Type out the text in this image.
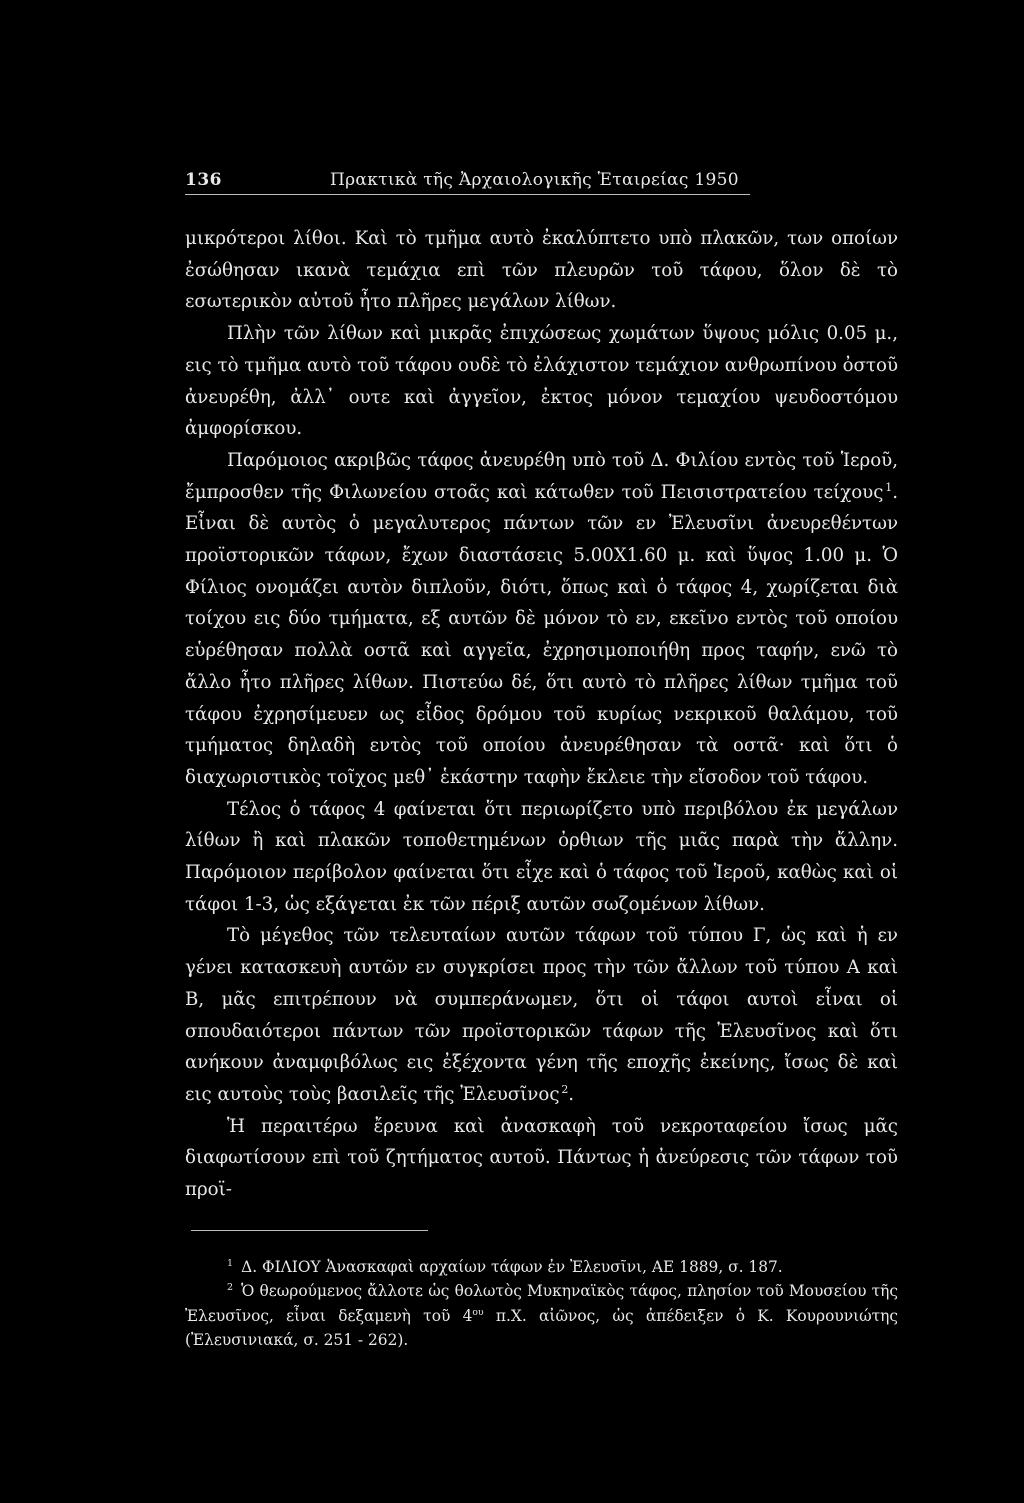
136	Πρακτικὰ τῆς Ἀρχαιολογικῆς Ἑταιρείας 1950

μικρότεροι λίθοι. Καὶ τὸ τμῆμα αυτὸ ἐκαλύπτετο υπὸ πλακῶν, των οποίων ἐσώθησαν ικανὰ τεμάχια επὶ τῶν πλευρῶν τοῦ τάφου, ὅλον δὲ τὸ εσωτερικὸν αὐτοῦ ἦτο πλῆρες μεγάλων λίθων.

Πλὴν τῶν λίθων καὶ μικρᾶς ἐπιχώσεως χωμάτων ὕψους μόλις 0.05 μ., εις τὸ τμῆμα αυτὸ τοῦ τάφου ουδὲ τὸ ἐλάχιστον τεμάχιον ανθρωπίνου ὀστοῦ ἀνευρέθη, ἀλλ᾽ ουτε καὶ ἀγγεῖον, ἐκτος μόνον τεμαχίου ψευδοστόμου ἀμφορίσκου.

Παρόμοιος ακριβῶς τάφος ἀνευρέθη υπὸ τοῦ Δ. Φιλίου εντὸς τοῦ Ἱεροῦ, ἔμπροσθεν τῆς Φιλωνείου στοᾶς καὶ κάτωθεν τοῦ Πεισιστρατείου τείχους  $^1$. Εἶναι δὲ αυτὸς ὁ μεγαλυτερος πάντων τῶν εν Ἐλευσῖνι ἀνευρεθέντων προϊστορικῶν τάφων, ἔχων διαστάσεις 5.00Χ1.60 μ. καὶ ὕψος 1.00 μ. Ὁ Φίλιος ονομάζει αυτὸν διπλοῦν, διότι, ὅπως καὶ ὁ τάφος 4, χωρίζεται διὰ τοίχου εις δύο τμήματα, εξ αυτῶν δὲ μόνον τὸ εν, εκεῖνο εντὸς τοῦ οποίου εὑρέθησαν πολλὰ οστᾶ καὶ αγγεῖα, ἐχρησιμοποιήθη προς ταφήν, ενῶ τὸ ἄλλο ἦτο πλῆρες λίθων. Πιστεύω δέ, ὅτι αυτὸ τὸ πλῆρες λίθων τμῆμα τοῦ τάφου ἐχρησίμευεν ως εἶδος δρόμου τοῦ κυρίως νεκρικοῦ θαλάμου, τοῦ τμήματος δηλαδὴ εντὸς τοῦ οποίου ἀνευρέθησαν τὰ οστᾶ· καὶ ὅτι ὁ διαχωριστικὸς τοῖχος μεθ᾽ ἑκάστην ταφὴν ἔκλειε τὴν εἴσοδον τοῦ τάφου.

Τέλος ὁ τάφος 4 φαίνεται ὅτι περιωρίζετο υπὸ περιβόλου ἐκ μεγάλων λίθων ἢ καὶ πλακῶν τοποθετημένων ὀρθιων τῆς μιᾶς παρὰ τὴν ἄλλην. Παρόμοιον περίβολον φαίνεται ὅτι εἶχε καὶ ὁ τάφος τοῦ Ἱεροῦ, καθὼς καὶ οἱ τάφοι 1-3, ὡς εξάγεται ἐκ τῶν πέριξ αυτῶν σωζομένων λίθων.

Τὸ μέγεθος τῶν τελευταίων αυτῶν τάφων τοῦ τύπου Γ, ὡς καὶ ἡ εν γένει κατασκευὴ αυτῶν εν συγκρίσει προς τὴν τῶν ἄλλων τοῦ τύπου Α καὶ Β, μᾶς επιτρέπουν νὰ συμπεράνωμεν, ὅτι οἱ τάφοι αυτοὶ εἶναι οἱ σπουδαιότεροι πάντων τῶν προϊστορικῶν τάφων τῆς Ἐλευσῖνος καὶ ὅτι ανήκουν ἀναμφιβόλως εις ἐξέχοντα γένη τῆς εποχῆς ἐκείνης, ἴσως δὲ καὶ εις αυτοὺς τοὺς βασιλεῖς τῆς Ἐλευσῖνος  $^2$.

Ἡ περαιτέρω ἔρευνα καὶ ἀνασκαφὴ τοῦ νεκροταφείου ἴσως μᾶς διαφωτίσουν επὶ τοῦ ζητήματος αυτοῦ. Πάντως ἡ ἀνεύρεσις τῶν τάφων τοῦ προϊ-

$^1$ Δ. ΦΙΛΙΟΥ Ἀνασκαφαὶ αρχαίων τάφων ἐν Ἐλευσῖνι, ΑΕ 1889, σ. 187.

$^2$ Ὁ θεωρούμενος ἄλλοτε ὡς θολωτὸς Μυκηναϊκὸς τάφος, πλησίον τοῦ Μουσείου τῆς Ἐλευσῖνος, εἶναι δεξαμενὴ τοῦ $4^{o\upsilon}$ π.Χ. αἰῶνος, ὡς ἀπέδειξεν ὁ Κ. Κουρουνιώτης (Ἐλευσινιακά, σ. 251 - 262).
